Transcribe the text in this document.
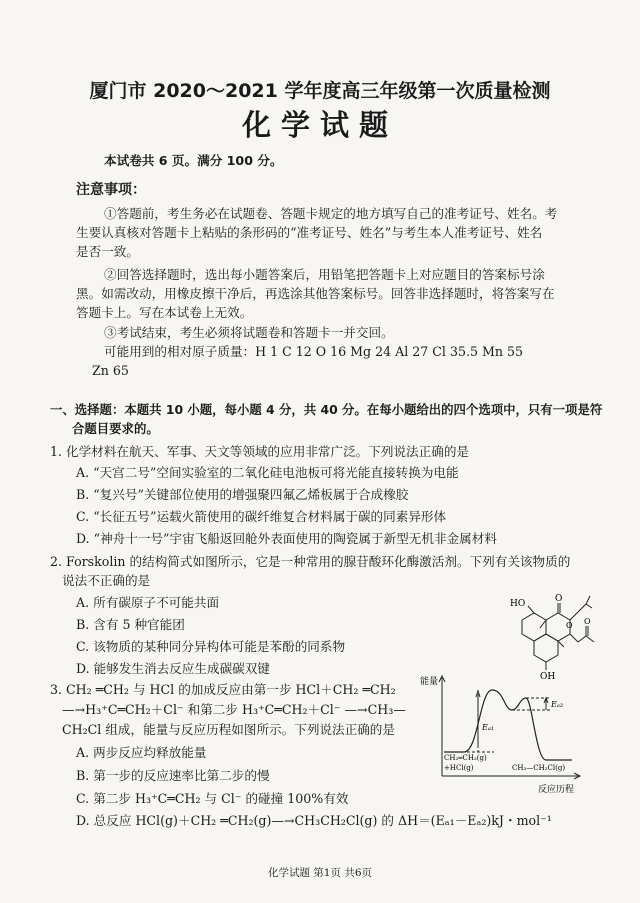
厦门市 2020～2021 学年度高三年级第一次质量检测
化学试题
本试卷共 6 页。满分 100 分。
注意事项：
①答题前，考生务必在试题卷、答题卡规定的地方填写自己的准考证号、姓名。考
生要认真核对答题卡上粘贴的条形码的“准考证号、姓名”与考生本人准考证号、姓名
是否一致。
②回答选择题时，选出每小题答案后，用铅笔把答题卡上对应题目的答案标号涂
黑。如需改动，用橡皮擦干净后，再选涂其他答案标号。回答非选择题时，将答案写在
答题卡上。写在本试卷上无效。
③考试结束，考生必须将试题卷和答题卡一并交回。
可能用到的相对原子质量：H 1 C 12 O 16 Mg 24 Al 27 Cl 35.5 Mn 55
Zn 65
一、选择题：本题共 10 小题，每小题 4 分，共 40 分。在每小题给出的四个选项中，只有一项是符
合题目要求的。
1. 化学材料在航天、军事、天文等领域的应用非常广泛。下列说法正确的是
A. “天宫二号”空间实验室的二氧化硅电池板可将光能直接转换为电能
B. “复兴号”关键部位使用的增强聚四氟乙烯板属于合成橡胶
C. “长征五号”运载火箭使用的碳纤维复合材料属于碳的同素异形体
D. “神舟十一号”宇宙飞船返回舱外表面使用的陶瓷属于新型无机非金属材料
2. Forskolin 的结构简式如图所示，它是一种常用的腺苷酸环化酶激活剂。下列有关该物质的
说法不正确的是
A. 所有碳原子不可能共面
B. 含有 5 种官能团
C. 该物质的某种同分异构体可能是苯酚的同系物
D. 能够发生消去反应生成碳碳双键
HO	O
O O
OH
3. CH₂ ═CH₂ 与 HCl 的加成反应由第一步 HCl＋CH₂ ═CH₂
—→H₃⁺C═CH₂＋Cl⁻ 和第二步 H₃⁺C═CH₂＋Cl⁻ —→CH₃—
CH₂Cl 组成，能量与反应历程如图所示。下列说法正确的是
A. 两步反应均释放能量
B. 第一步的反应速率比第二步的慢
C. 第二步 H₃⁺C═CH₂ 与 Cl⁻ 的碰撞 100%有效
D. 总反应 HCl(g)＋CH₂ ═CH₂(g)—→CH₃CH₂Cl(g) 的 ΔH＝(Eₐ₁－Eₐ₂)kJ・mol⁻¹
能量
反应历程
Eₐ₁
Eₐ₂
CH₂═CH₂(g)
+HCl(g)	CH₃—CH₂Cl(g)
化学试题 第1页 共6页
